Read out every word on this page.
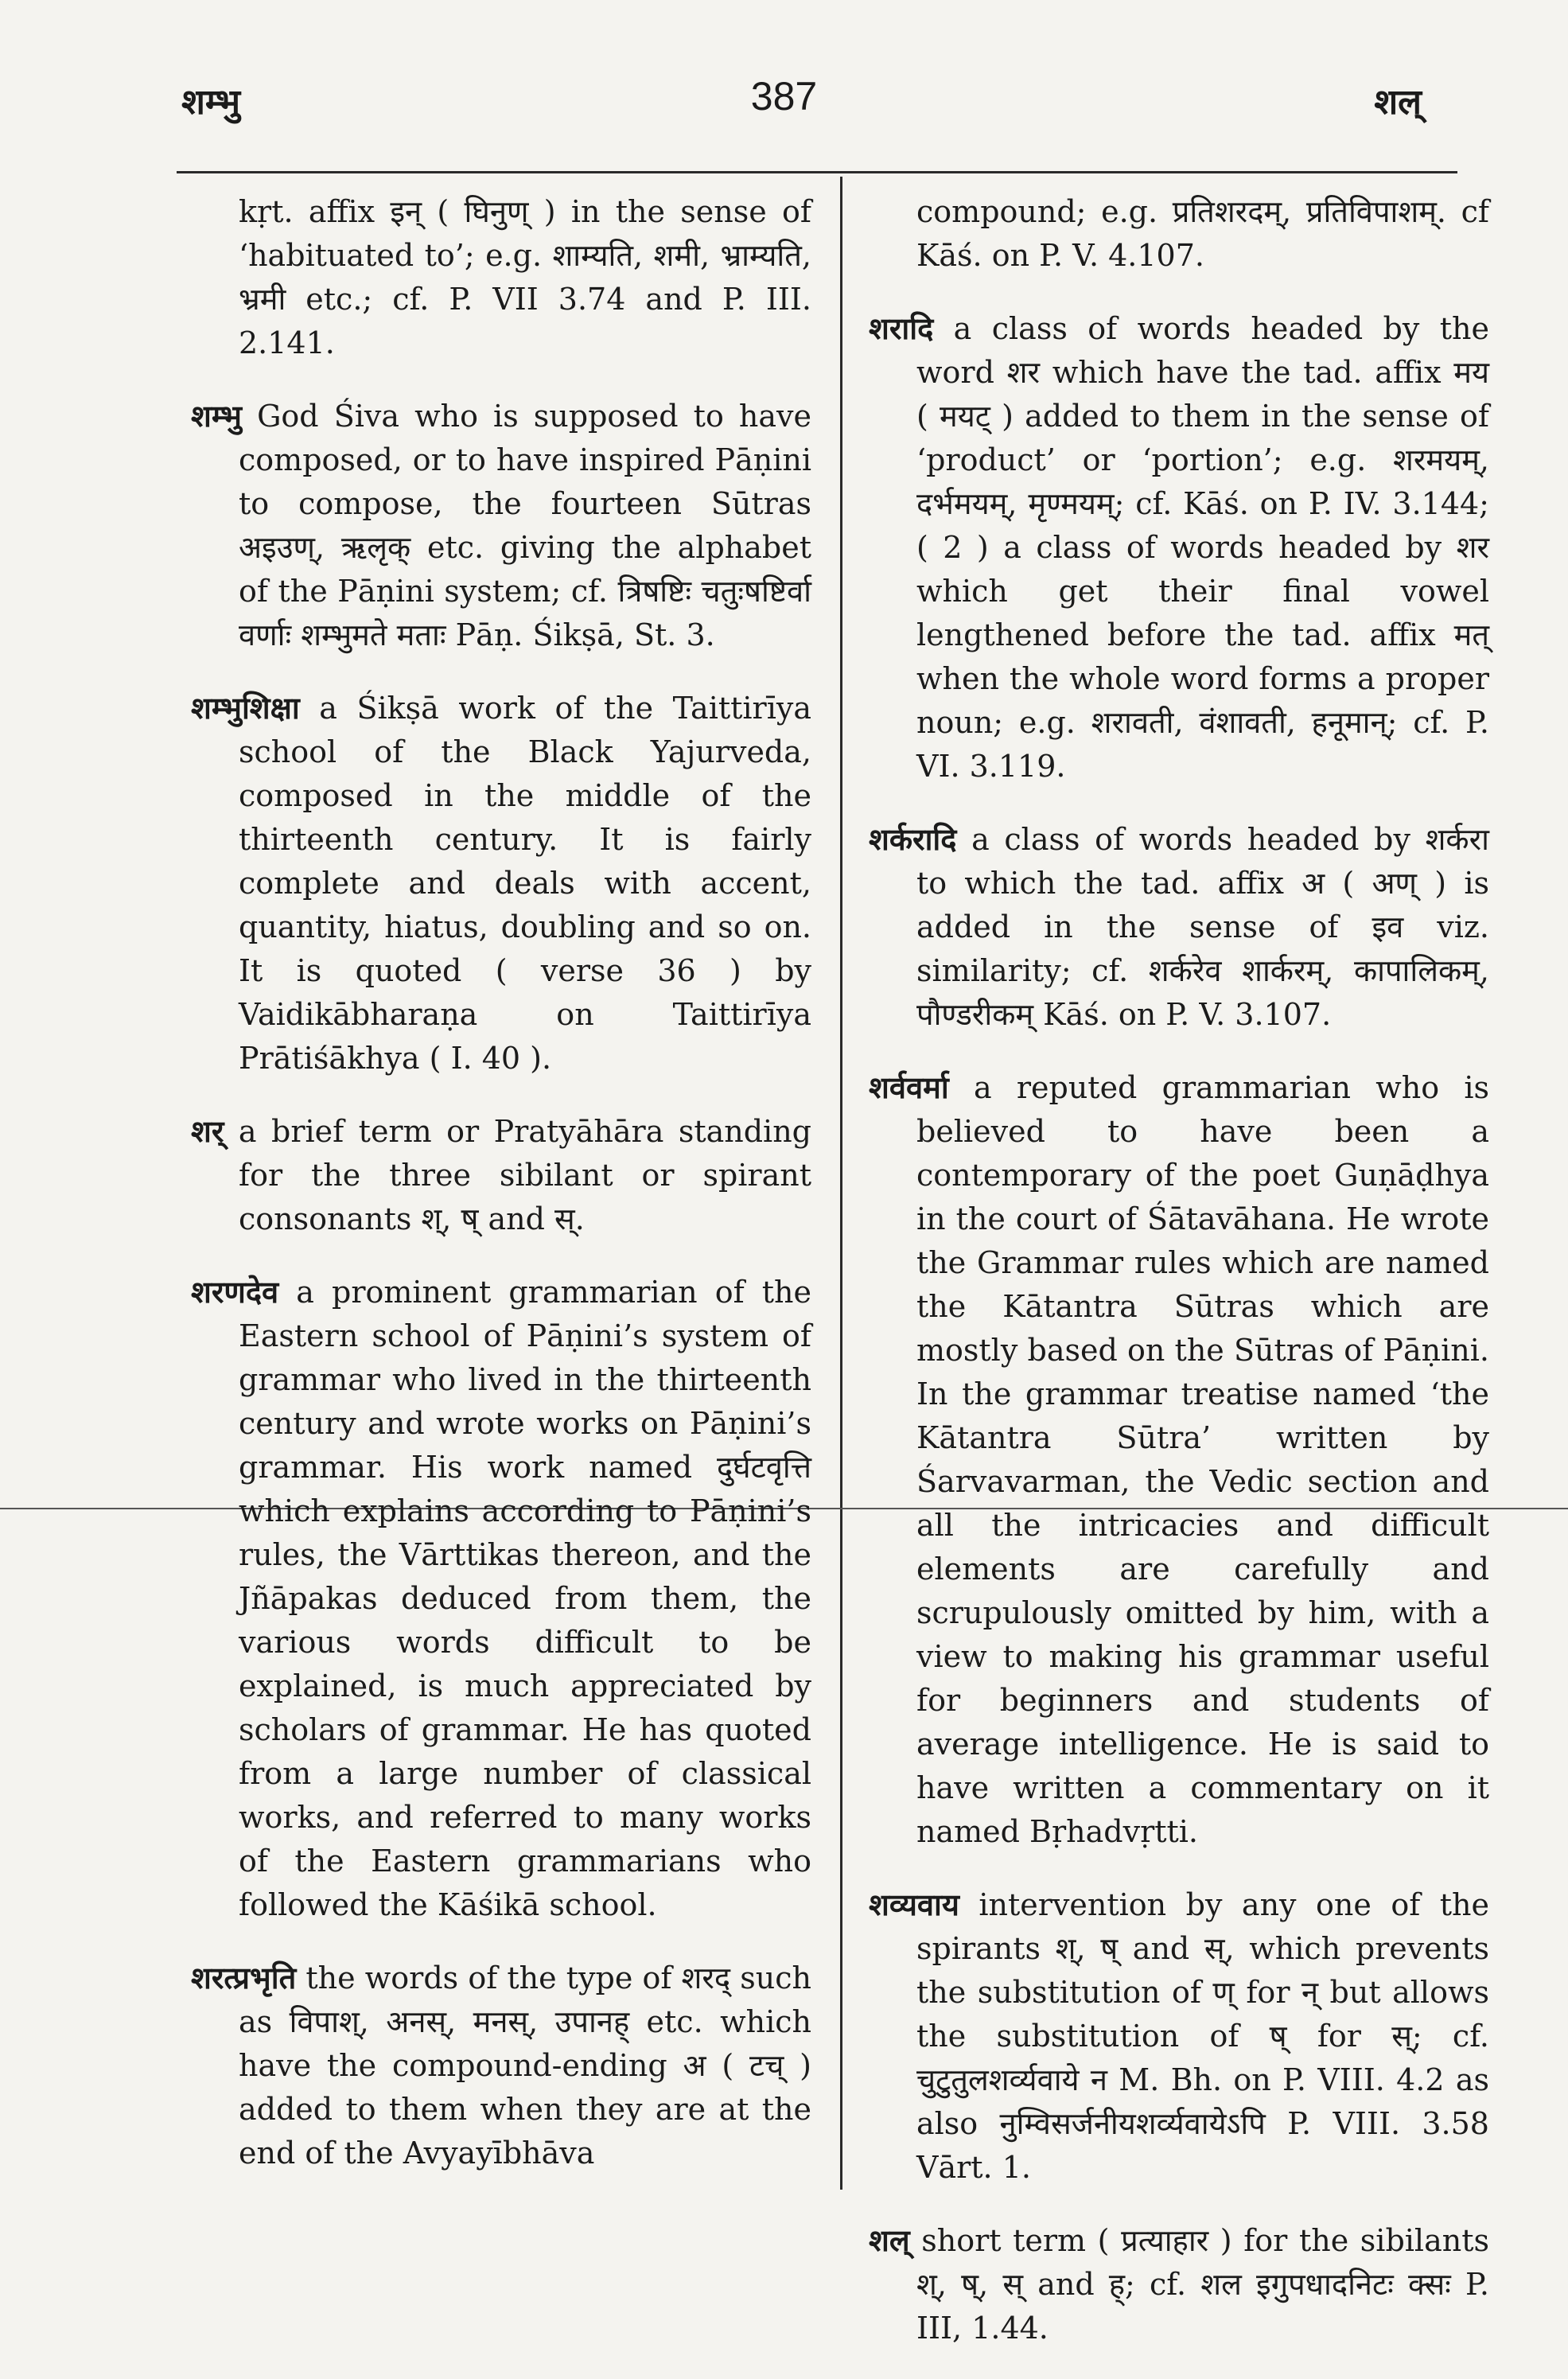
शम्भु	387	शल्

kṛt. affix इन् ( घिनुण् ) in the sense of ‘habituated to’; e.g. शाम्यति, शमी, भ्राम्यति, भ्रमी etc.; cf. P. VII 3.74 and P. III. 2.141.

शम्भु God Śiva who is supposed to have composed, or to have inspired Pāṇini to compose, the fourteen Sūtras अइउण्, ऋलृक् etc. giving the alphabet of the Pāṇini system; cf. त्रिषष्टिः चतुःषष्टिर्वा वर्णाः शम्भुमते मताः Pāṇ. Śikṣā, St. 3.

शम्भुशिक्षा a Śikṣā work of the Taittirīya school of the Black Yajurveda, composed in the middle of the thirteenth century. It is fairly complete and deals with accent, quantity, hiatus, doubling and so on. It is quoted ( verse 36 ) by Vaidikābharaṇa on Taittirīya Prātiśākhya ( I. 40 ).

शर् a brief term or Pratyāhāra standing for the three sibilant or spirant consonants श्, ष् and स्.

शरणदेव a prominent grammarian of the Eastern school of Pāṇini’s system of grammar who lived in the thirteenth century and wrote works on Pāṇini’s grammar. His work named दुर्घटवृत्ति which explains according to Pāṇini’s rules, the Vārttikas thereon, and the Jñāpakas deduced from them, the various words difficult to be explained, is much appreciated by scholars of grammar. He has quoted from a large number of classical works, and referred to many works of the Eastern grammarians who followed the Kāśikā school.

शरत्प्रभृति the words of the type of शरद् such as विपाश्, अनस्, मनस्, उपानह् etc. which have the compound-ending अ ( टच् ) added to them when they are at the end of the Avyayībhāva

compound; e.g. प्रतिशरदम्, प्रतिविपाशम्. cf Kāś. on P. V. 4.107.

शरादि a class of words headed by the word शर which have the tad. affix मय ( मयट् ) added to them in the sense of ‘product’ or ‘portion’; e.g. शरमयम्, दर्भमयम्, मृण्मयम्; cf. Kāś. on P. IV. 3.144; ( 2 ) a class of words headed by शर which get their final vowel lengthened before the tad. affix मत् when the whole word forms a proper noun; e.g. शरावती, वंशावती, हनूमान्; cf. P. VI. 3.119.

शर्करादि a class of words headed by शर्करा to which the tad. affix अ ( अण् ) is added in the sense of इव viz. similarity; cf. शर्करेव शार्करम्, कापालिकम्, पौण्डरीकम् Kāś. on P. V. 3.107.

शर्ववर्मा a reputed grammarian who is believed to have been a contemporary of the poet Guṇāḍhya in the court of Śātavāhana. He wrote the Grammar rules which are named the Kātantra Sūtras which are mostly based on the Sūtras of Pāṇini. In the grammar treatise named ‘the Kātantra Sūtra’ written by Śarvavarman, the Vedic section and all the intricacies and difficult elements are carefully and scrupulously omitted by him, with a view to making his grammar useful for beginners and students of average intelligence. He is said to have written a commentary on it named Bṛhadvṛtti.

शव्यवाय intervention by any one of the spirants श्, ष् and स्, which prevents the substitution of ण् for न् but allows the substitution of ष् for स्; cf. चुटुतुलशर्व्यवाये न M. Bh. on P. VIII. 4.2 as also नुम्विसर्जनीयशर्व्यवायेऽपि P. VIII. 3.58 Vārt. 1.

शल् short term ( प्रत्याहार ) for the sibilants श्, ष्, स् and ह्; cf. शल इगुपधादनिटः क्सः P. III, 1.44.
